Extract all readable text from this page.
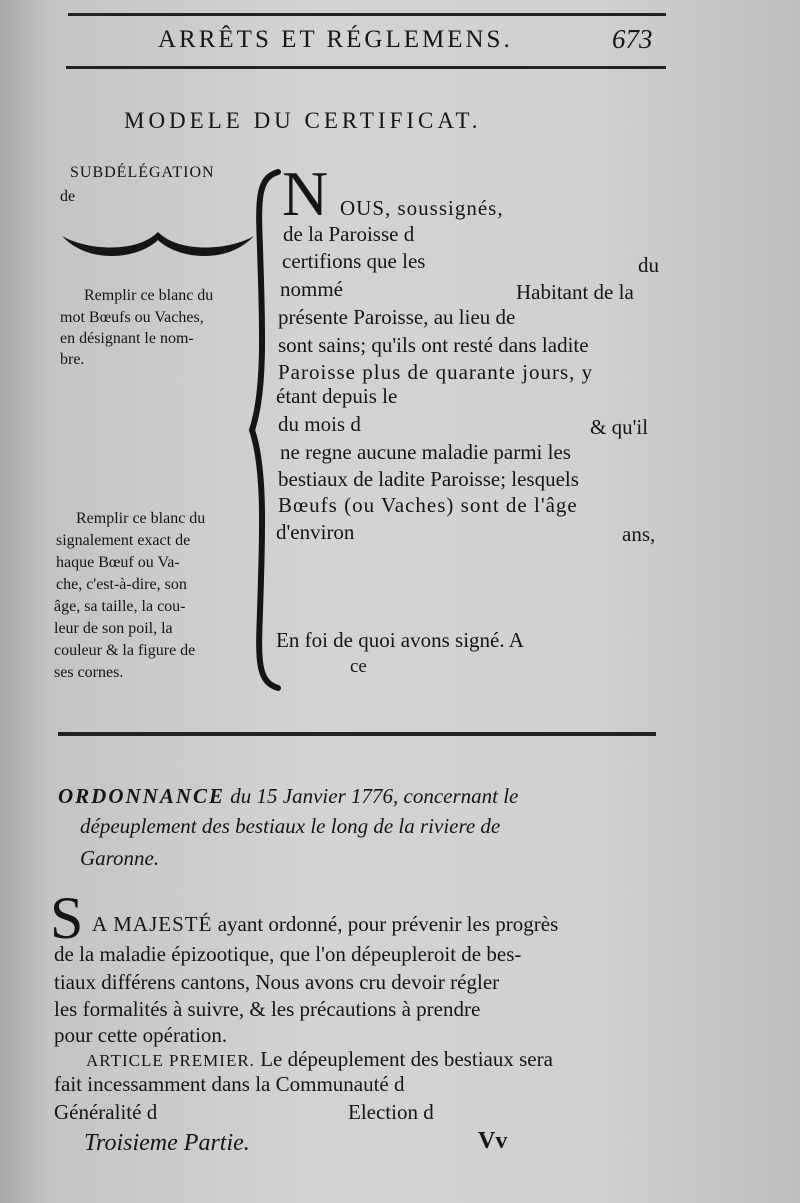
ARRÊTS ET RÉGLEMENS.	673
MODELE DU CERTIFICAT.
SUBDÉLÉGATION
de
Remplir ce blanc du
mot Bœufs ou Vaches,
en désignant le nom-
bre.
Remplir ce blanc du
signalement exact de
haque Bœuf ou Va-
che, c'est-à-dire, son
âge, sa taille, la cou-
leur de son poil, la
couleur & la figure de
ses cornes.
N OUS, soussignés,
de la Paroisse d
certifions que les	du
nommé	Habitant de la
présente Paroisse, au lieu de
sont sains; qu'ils ont resté dans ladite
Paroisse plus de quarante jours, y
étant depuis le
du mois d	& qu'il
ne regne aucune maladie parmi les
bestiaux de ladite Paroisse; lesquels
Bœufs (ou Vaches) sont de l'âge
d'environ	ans,
En foi de quoi avons signé. A
ce
ORDONNANCE du 15 Janvier 1776, concernant le
dépeuplement des bestiaux le long de la riviere de
Garonne.
S A MAJESTÉ ayant ordonné, pour prévenir les progrès
de la maladie épizootique, que l'on dépeupleroit de bes-
tiaux différens cantons, Nous avons cru devoir régler
les formalités à suivre, & les précautions à prendre
pour cette opération.
ARTICLE PREMIER. Le dépeuplement des bestiaux sera
fait incessamment dans la Communauté d
Généralité d	Election d
Troisieme Partie.	Vv
